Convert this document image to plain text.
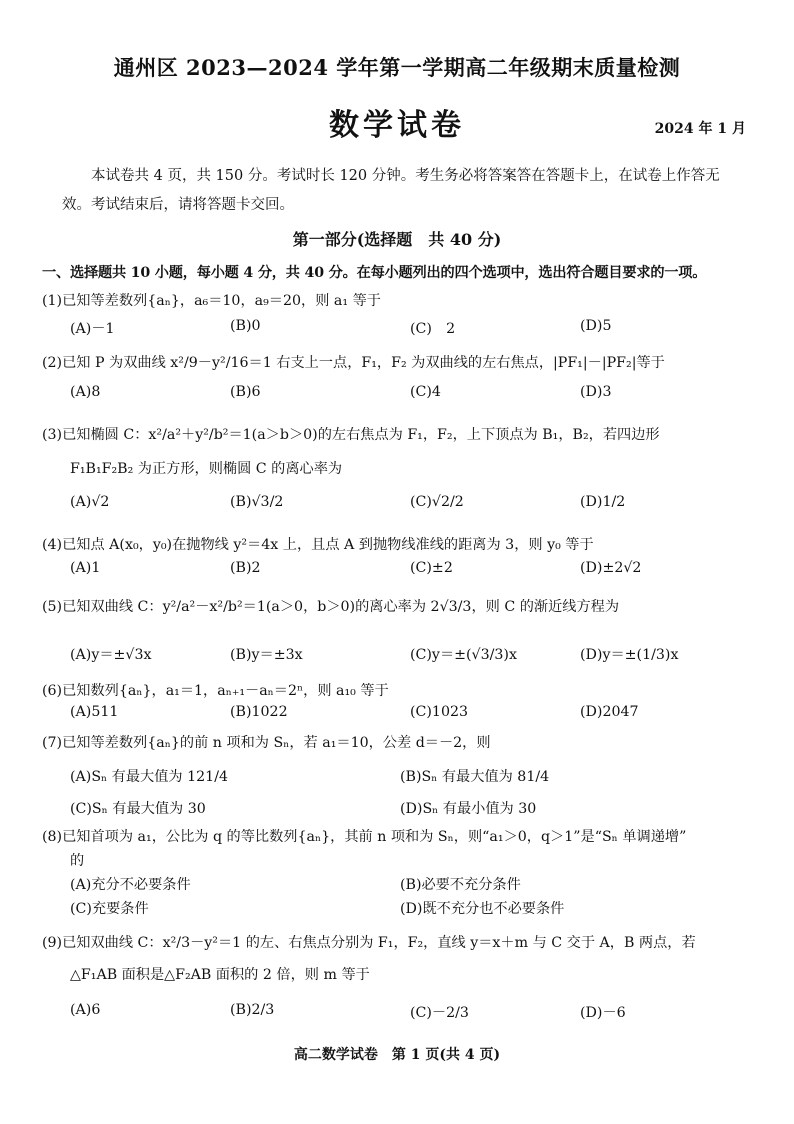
通州区 2023—2024 学年第一学期高二年级期末质量检测
数学试卷	2024 年 1 月
本试卷共 4 页，共 150 分。考试时长 120 分钟。考生务必将答案答在答题卡上，在试卷上作答无效。考试结束后，请将答题卡交回。
第一部分(选择题　共 40 分)
一、选择题共 10 小题，每小题 4 分，共 40 分。在每小题列出的四个选项中，选出符合题目要求的一项。
(1)已知等差数列{aₙ}，a₆＝10，a₉＝20，则 a₁ 等于
(A)－1	(B)0	(C)　2	(D)5
(2)已知 P 为双曲线 x²/9－y²/16＝1 右支上一点，F₁，F₂ 为双曲线的左右焦点，|PF₁|－|PF₂|等于
(A)8	(B)6	(C)4	(D)3
(3)已知椭圆 C：x²/a²＋y²/b²＝1(a＞b＞0)的左右焦点为 F₁，F₂，上下顶点为 B₁，B₂，若四边形
F₁B₁F₂B₂ 为正方形，则椭圆 C 的离心率为
(A)√2	(B)√3/2	(C)√2/2	(D)1/2
(4)已知点 A(x₀，y₀)在抛物线 y²＝4x 上，且点 A 到抛物线准线的距离为 3，则 y₀ 等于
(A)1	(B)2	(C)±2	(D)±2√2
(5)已知双曲线 C：y²/a²－x²/b²＝1(a＞0，b＞0)的离心率为 2√3/3，则 C 的渐近线方程为
(A)y＝±√3x	(B)y＝±3x	(C)y＝±(√3/3)x	(D)y＝±(1/3)x
(6)已知数列{aₙ}，a₁＝1，aₙ₊₁－aₙ＝2ⁿ，则 a₁₀ 等于
(A)511	(B)1022	(C)1023	(D)2047
(7)已知等差数列{aₙ}的前 n 项和为 Sₙ，若 a₁＝10，公差 d＝－2，则
(A)Sₙ 有最大值为 121/4	(B)Sₙ 有最大值为 81/4
(C)Sₙ 有最大值为 30	(D)Sₙ 有最小值为 30
(8)已知首项为 a₁，公比为 q 的等比数列{aₙ}，其前 n 项和为 Sₙ，则“a₁＞0，q＞1”是“Sₙ 单调递增”
的
(A)充分不必要条件	(B)必要不充分条件
(C)充要条件	(D)既不充分也不必要条件
(9)已知双曲线 C：x²/3－y²＝1 的左、右焦点分别为 F₁，F₂，直线 y＝x＋m 与 C 交于 A，B 两点，若
△F₁AB 面积是△F₂AB 面积的 2 倍，则 m 等于
(A)6	(B)2/3	(C)－2/3	(D)－6
高二数学试卷　第 1 页(共 4 页)
